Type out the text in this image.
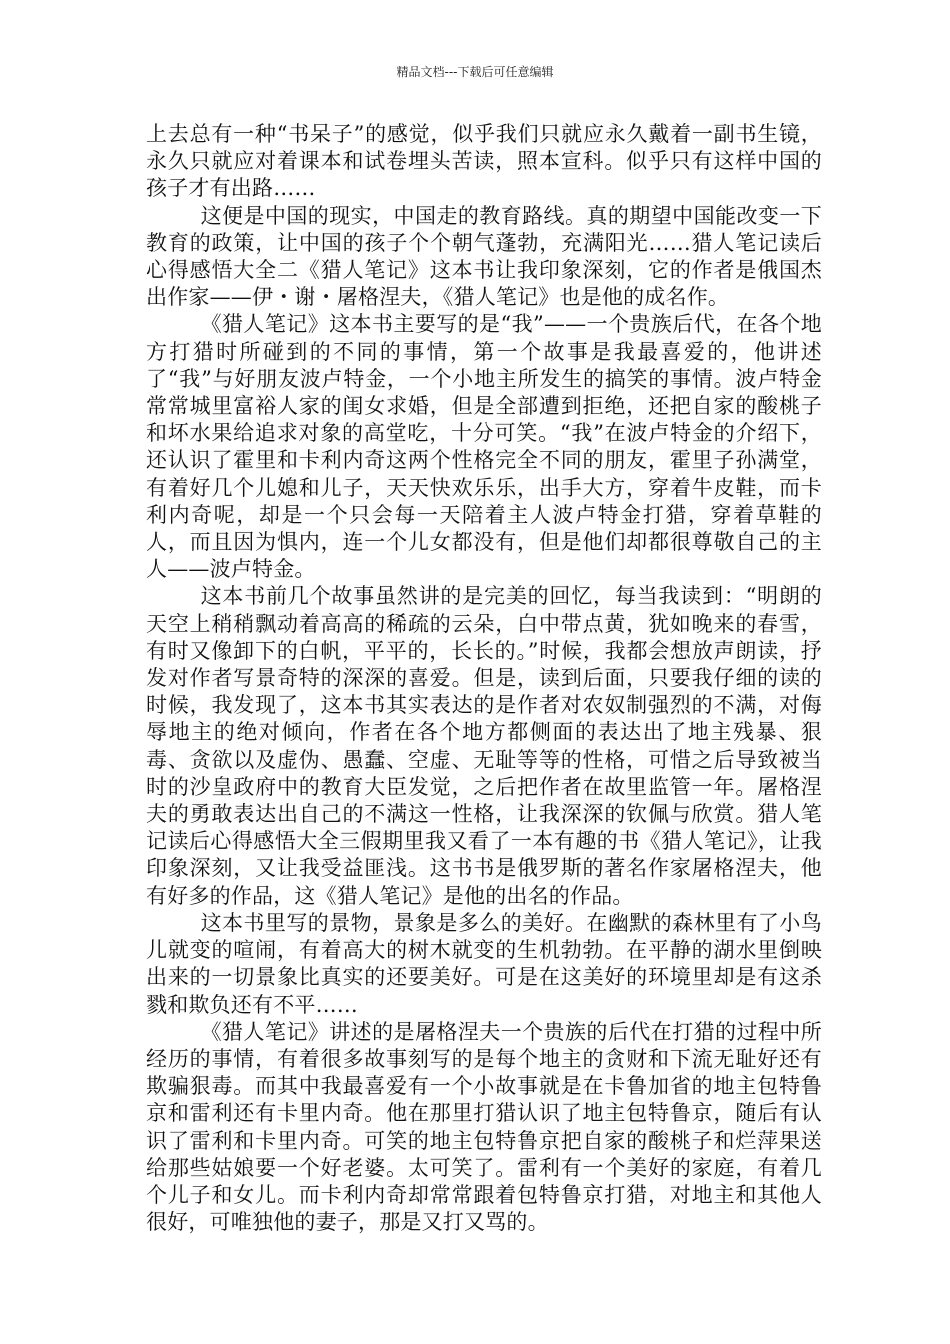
精品文档---下载后可任意编辑

上去总有一种“书呆子”的感觉，似乎我们只就应永久戴着一副书生镜，永久只就应对着课本和试卷埋头苦读，照本宣科。似乎只有这样中国的孩子才有出路……

这便是中国的现实，中国走的教育路线。真的期望中国能改变一下教育的政策，让中国的孩子个个朝气蓬勃，充满阳光……猎人笔记读后心得感悟大全二《猎人笔记》这本书让我印象深刻，它的作者是俄国杰出作家——伊・谢・屠格涅夫，《猎人笔记》也是他的成名作。

《猎人笔记》这本书主要写的是“我”——一个贵族后代，在各个地方打猎时所碰到的不同的事情，第一个故事是我最喜爱的，他讲述了“我”与好朋友波卢特金，一个小地主所发生的搞笑的事情。波卢特金常常城里富裕人家的闺女求婚，但是全部遭到拒绝，还把自家的酸桃子和坏水果给追求对象的高堂吃，十分可笑。“我”在波卢特金的介绍下，还认识了霍里和卡利内奇这两个性格完全不同的朋友，霍里子孙满堂，有着好几个儿媳和儿子，天天快欢乐乐，出手大方，穿着牛皮鞋，而卡利内奇呢，却是一个只会每一天陪着主人波卢特金打猎，穿着草鞋的人，而且因为惧内，连一个儿女都没有，但是他们却都很尊敬自己的主人——波卢特金。

这本书前几个故事虽然讲的是完美的回忆，每当我读到：“明朗的天空上稍稍飘动着高高的稀疏的云朵，白中带点黄，犹如晚来的春雪，有时又像卸下的白帆，平平的，长长的。”时候，我都会想放声朗读，抒发对作者写景奇特的深深的喜爱。但是，读到后面，只要我仔细的读的时候，我发现了，这本书其实表达的是作者对农奴制强烈的不满，对侮辱地主的绝对倾向，作者在各个地方都侧面的表达出了地主残暴、狠毒、贪欲以及虚伪、愚蠢、空虚、无耻等等的性格，可惜之后导致被当时的沙皇政府中的教育大臣发觉，之后把作者在故里监管一年。屠格涅夫的勇敢表达出自己的不满这一性格，让我深深的钦佩与欣赏。猎人笔记读后心得感悟大全三假期里我又看了一本有趣的书《猎人笔记》，让我印象深刻，又让我受益匪浅。这书书是俄罗斯的著名作家屠格涅夫，他有好多的作品，这《猎人笔记》是他的出名的作品。

这本书里写的景物，景象是多么的美好。在幽默的森林里有了小鸟儿就变的喧闹，有着高大的树木就变的生机勃勃。在平静的湖水里倒映出来的一切景象比真实的还要美好。可是在这美好的环境里却是有这杀戮和欺负还有不平……

《猎人笔记》讲述的是屠格涅夫一个贵族的后代在打猎的过程中所经历的事情，有着很多故事刻写的是每个地主的贪财和下流无耻好还有欺骗狠毒。而其中我最喜爱有一个小故事就是在卡鲁加省的地主包特鲁京和雷利还有卡里内奇。他在那里打猎认识了地主包特鲁京，随后有认识了雷利和卡里内奇。可笑的地主包特鲁京把自家的酸桃子和烂萍果送给那些姑娘要一个好老婆。太可笑了。雷利有一个美好的家庭，有着几个儿子和女儿。而卡利内奇却常常跟着包特鲁京打猎，对地主和其他人很好，可唯独他的妻子，那是又打又骂的。
